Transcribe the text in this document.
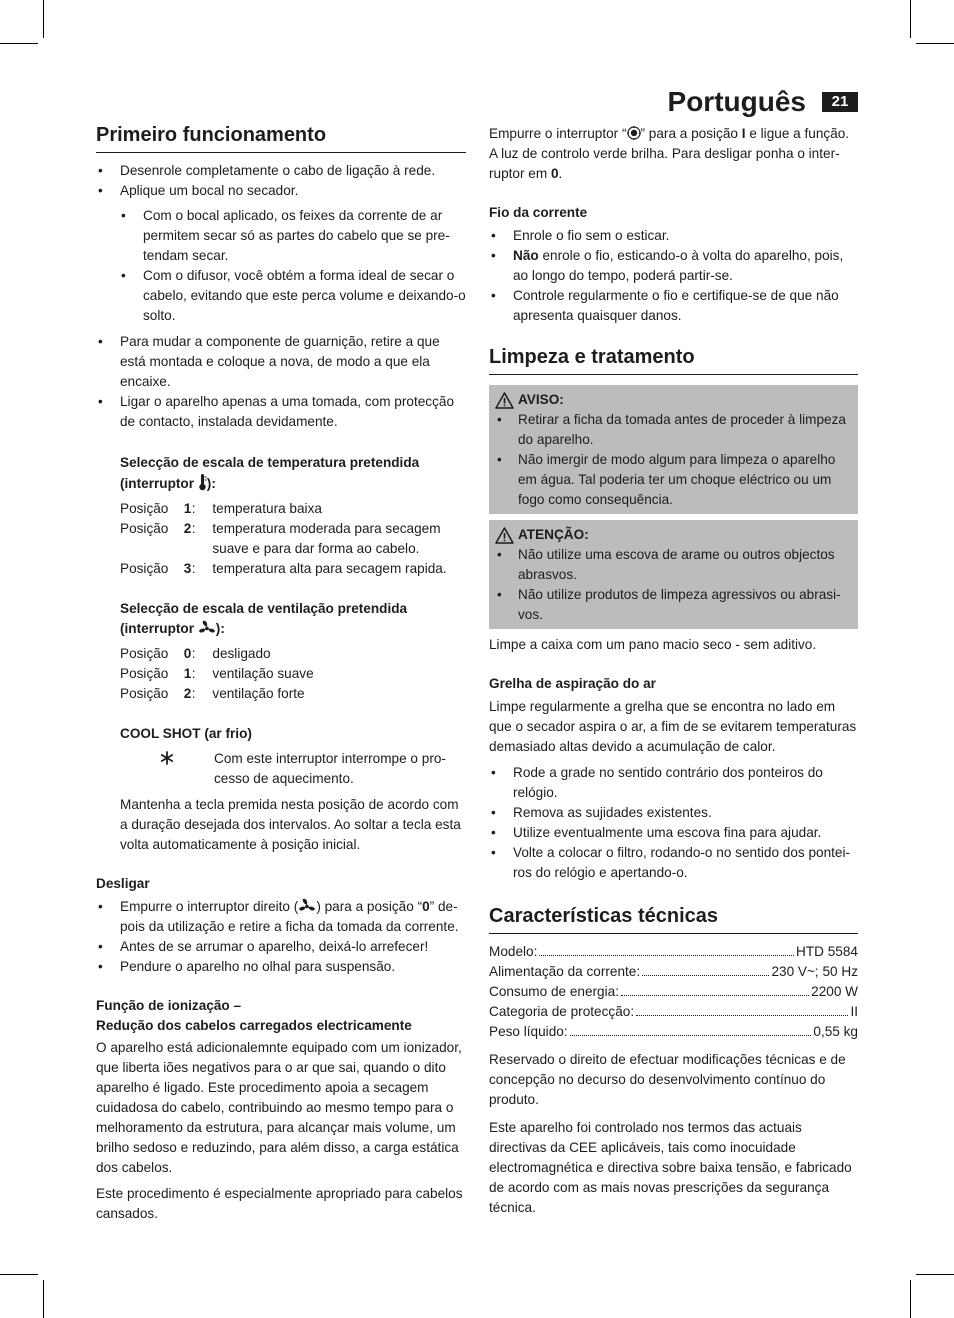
Português	21
Primeiro funcionamento
• Desenrole completamente o cabo de ligação à rede.
• Aplique um bocal no secador.
• Com o bocal aplicado, os feixes da corrente de ar permitem secar só as partes do cabelo que se pretendam secar.
• Com o difusor, você obtém a forma ideal de secar o cabelo, evitando que este perca volume e deixando-o solto.
• Para mudar a componente de guarnição, retire a que está montada e coloque a nova, de modo a que ela encaixe.
• Ligar o aparelho apenas a uma tomada, com protecção de contacto, instalada devidamente.
Selecção de escala de temperatura pretendida
(interruptor ):
Posição	1	:	temperatura baixa
Posição	2	:	temperatura moderada para secagem suave e para dar forma ao cabelo.
Posição	3	:	temperatura alta para secagem rapida.
Selecção de escala de ventilação pretendida
(interruptor ):
Posição	0	:	desligado
Posição	1	:	ventilação suave
Posição	2	:	ventilação forte
COOL SHOT (ar frio)
Com este interruptor interrompe o processo de aquecimento.

Mantenha a tecla premida nesta posição de acordo com a duração desejada dos intervalos. Ao soltar a tecla esta volta automaticamente à posição inicial.

Desligar
• Empurre o interruptor direito ( ) para a posição “0” depois da utilização e retire a ficha da tomada da corrente.
• Antes de se arrumar o aparelho, deixá-lo arrefecer!
• Pendure o aparelho no olhal para suspensão.
Função de ionização –
Redução dos cabelos carregados electricamente

O aparelho está adicionalemnte equipado com um ionizador, que liberta iões negativos para o ar que sai, quando o dito aparelho é ligado. Este procedimento apoia a secagem cuidadosa do cabelo, contribuindo ao mesmo tempo para o melhoramento da estrutura, para alcançar mais volume, um brilho sedoso e reduzindo, para além disso, a carga estática dos cabelos.

Este procedimento é especialmente apropriado para cabelos cansados.

Empurre o interruptor “ ” para a posição I e ligue a função. A luz de controlo verde brilha. Para desligar ponha o interruptor em 0.

Fio da corrente
• Enrole o fio sem o esticar.
• Não enrole o fio, esticando-o à volta do aparelho, pois, ao longo do tempo, poderá partir-se.
• Controle regularmente o fio e certifique-se de que não apresenta quaisquer danos.
Limpeza e tratamento
AVISO:
• Retirar a ficha da tomada antes de proceder à limpeza do aparelho.
• Não imergir de modo algum para limpeza o aparelho em água. Tal poderia ter um choque eléctrico ou um fogo como consequência.
ATENÇÃO:
• Não utilize uma escova de arame ou outros objectos abrasvos.
• Não utilize produtos de limpeza agressivos ou abrasivos.

Limpe a caixa com um pano macio seco - sem aditivo.

Grelha de aspiração do ar

Limpe regularmente a grelha que se encontra no lado em que o secador aspira o ar, a fim de se evitarem temperaturas demasiado altas devido a acumulação de calor.

• Rode a grade no sentido contrário dos ponteiros do relógio.
• Remova as sujidades existentes.
• Utilize eventualmente uma escova fina para ajudar.
• Volte a colocar o filtro, rodando-o no sentido dos ponteiros do relógio e apertando-o.
Características técnicas
Modelo:	HTD 5584
Alimentação da corrente:	230 V~; 50 Hz
Consumo de energia:	2200 W
Categoria de protecção:	II
Peso líquido:	0,55 kg

Reservado o direito de efectuar modificações técnicas e de concepção no decurso do desenvolvimento contínuo do produto.

Este aparelho foi controlado nos termos das actuais directivas da CEE aplicáveis, tais como inocuidade electromagnética e directiva sobre baixa tensão, e fabricado de acordo com as mais novas prescrições da segurança técnica.
